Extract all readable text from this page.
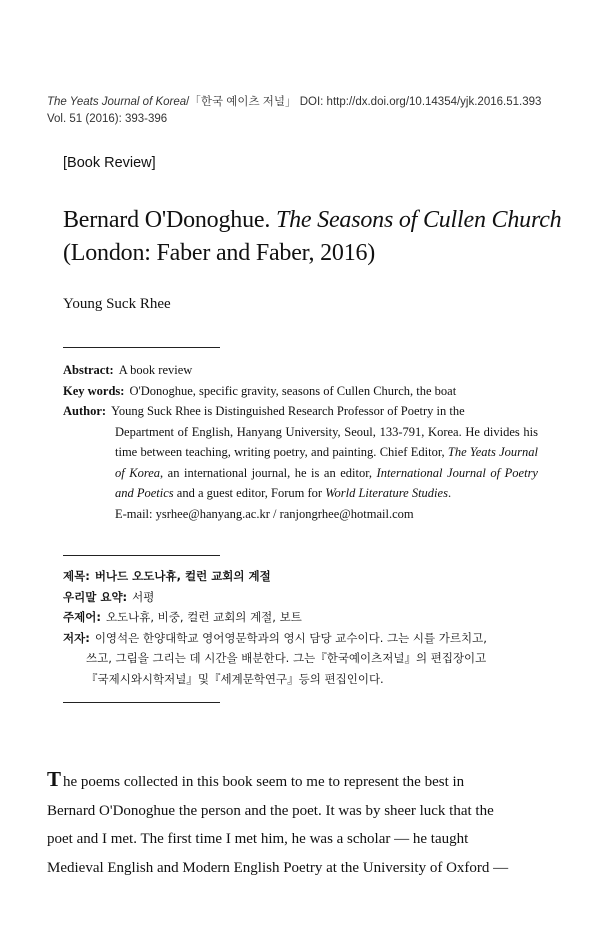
The Yeats Journal of Korea/「한국 예이츠 저널」 DOI: http://dx.doi.org/10.14354/yjk.2016.51.393
Vol. 51 (2016): 393-396
[Book Review]
Bernard O'Donoghue. The Seasons of Cullen Church
(London: Faber and Faber, 2016)
Young Suck Rhee
Abstract: A book review
Key words: O'Donoghue, specific gravity, seasons of Cullen Church, the boat
Author: Young Suck Rhee is Distinguished Research Professor of Poetry in the
Department of English, Hanyang University, Seoul, 133-791, Korea. He divides his time between teaching, writing poetry, and painting. Chief Editor, The Yeats Journal of Korea, an international journal, he is an editor, International Journal of Poetry and Poetics and a guest editor, Forum for World Literature Studies.
E-mail: ysrhee@hanyang.ac.kr / ranjongrhee@hotmail.com
제목: 버나드 오도나휴, 컬런 교회의 계절
우리말 요약: 서평
주제어: 오도나휴, 비중, 컬런 교회의 계절, 보트
저자: 이영석은 한양대학교 영어영문학과의 영시 담당 교수이다. 그는 시를 가르치고,
쓰고, 그림을 그리는 데 시간을 배분한다. 그는『한국예이츠저널』의 편집장이고
『국제시와시학저널』및『세계문학연구』등의 편집인이다.
T he poems collected in this book seem to me to represent the best in
Bernard O'Donoghue the person and the poet. It was by sheer luck that the
poet and I met. The first time I met him, he was a scholar — he taught
Medieval English and Modern English Poetry at the University of Oxford —
